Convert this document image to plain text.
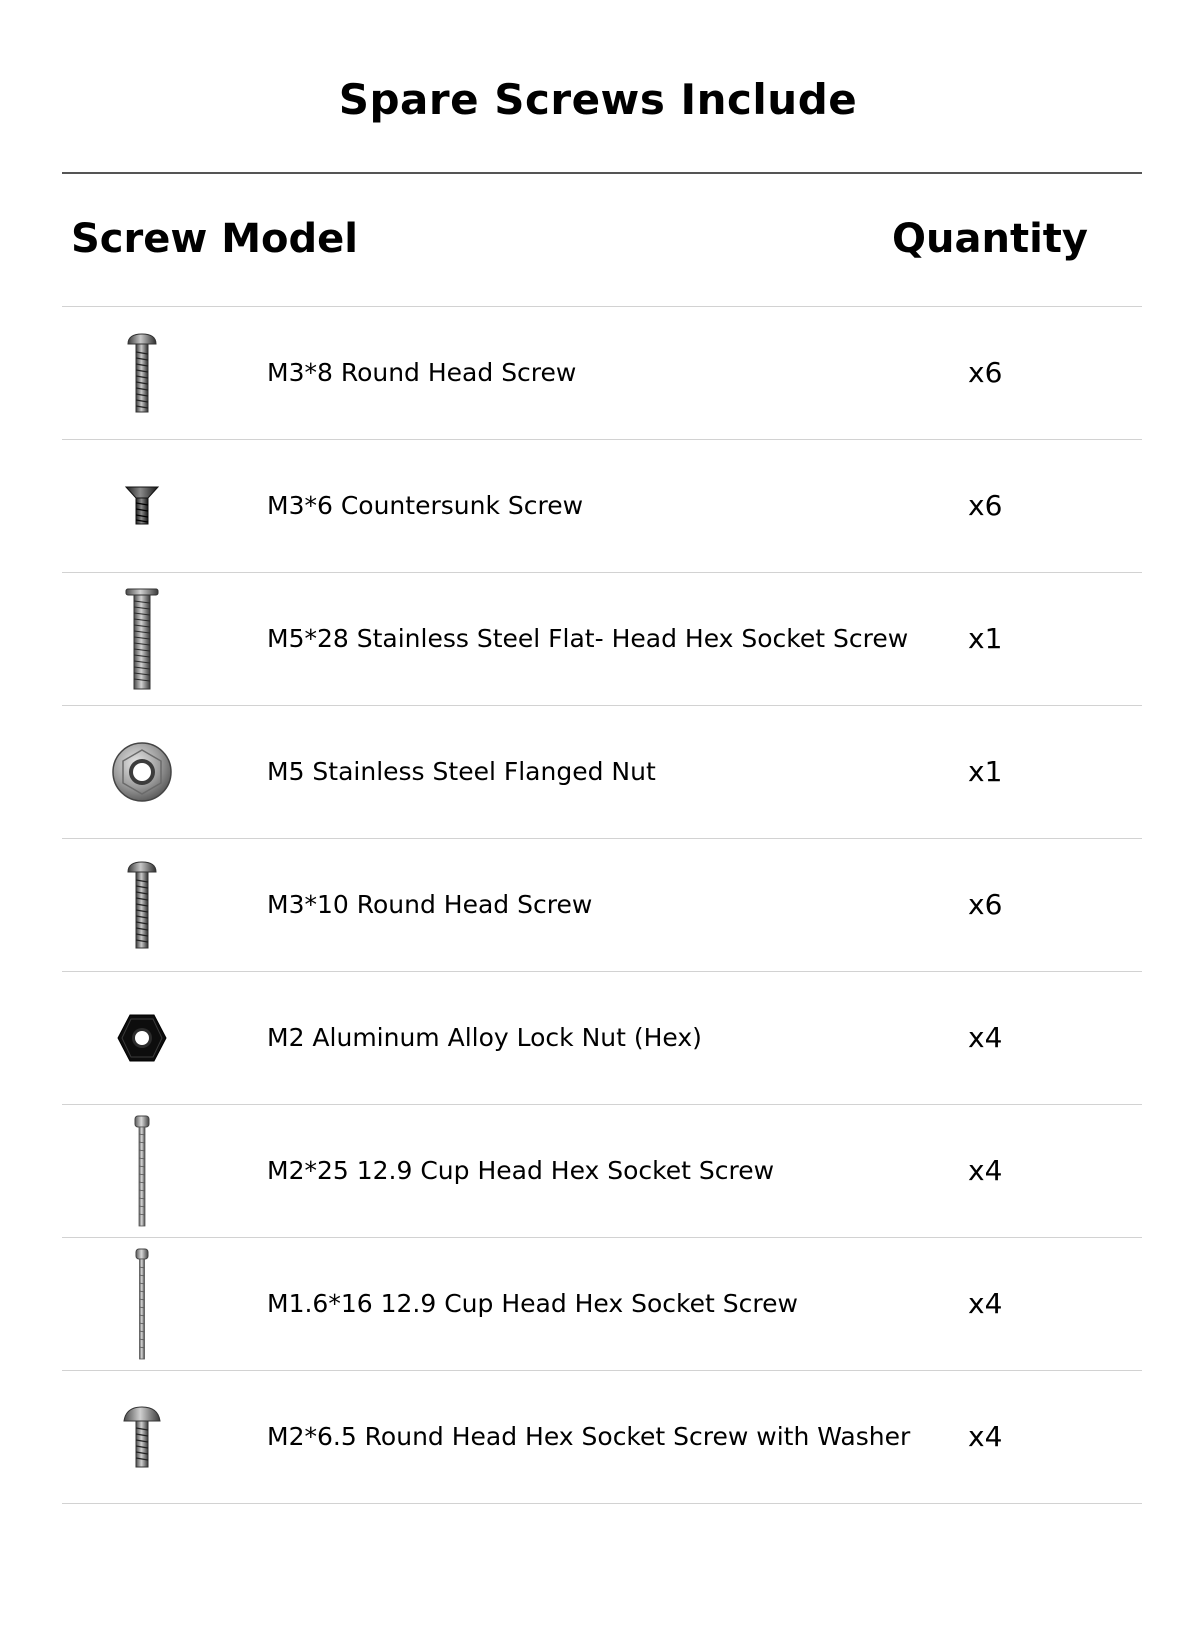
Spare Screws Include
Screw Model	Quantity
M3*8 Round Head Screw	x6
M3*6 Countersunk Screw	x6
M5*28 Stainless Steel Flat- Head Hex Socket Screw x1
M5 Stainless Steel Flanged Nut	x1
M3*10 Round Head Screw	x6
M2 Aluminum Alloy Lock Nut (Hex)	x4
M2*25 12.9 Cup Head Hex Socket Screw	x4
M1.6*16 12.9 Cup Head Hex Socket Screw	x4
M2*6.5 Round Head Hex Socket Screw with Washer x4
